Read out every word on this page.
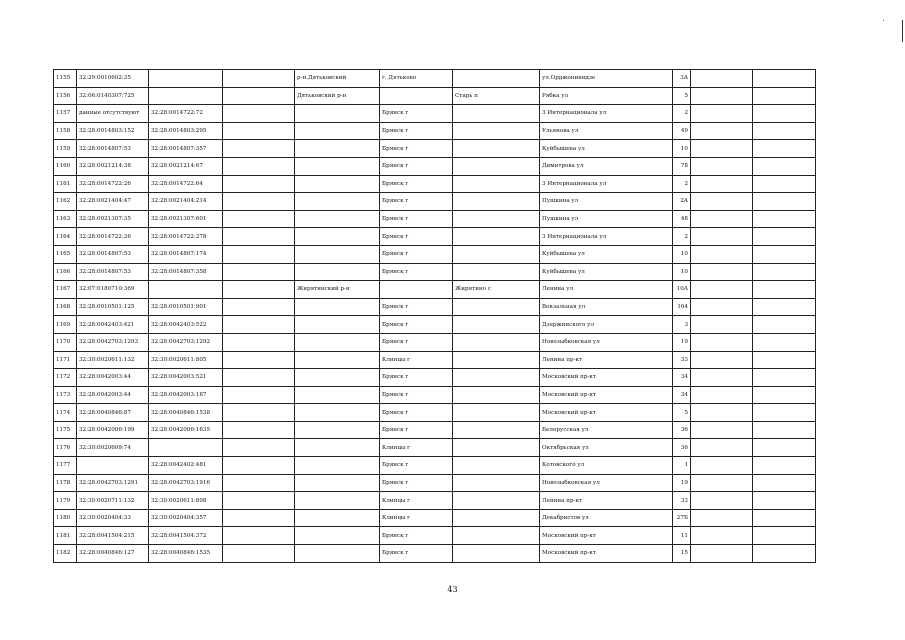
1155	32:29:0010602:35			р-н.Дятьковский	г. Дятьково		ул.Орджоникидзе	3А		
1156	32:06:0140307:725			Дятьковский р-н		Старь п	Рябка ул	5		
1157	данные отсутствуют	32:28:0014722:72			Брянск г		3 Интернационала ул	2		
1158	32:28:0014803:152	32:28:0014803:295			Брянск г		Ульянова ул	49		
1159	32:28:0014807:53	32:28:0014807:357			Брянск г		Куйбышева ул	10		
1160	32:28:0021214:38	32:28:0021214:67			Брянск г		Димитрова ул	78		
1161	32:28:0014722:26	32:28:0014722:64			Брянск г		3 Интернационала ул	2		
1162	32:28:0021404:47	32:28:0021404:214			Брянск г		Пушкина ул	2А		
1163	32:28:0021307:35	32:28:0021307:601			Брянск г		Пушкина ул	48		
1164	32:28:0014722:26	32:28:0014722:278			Брянск г		3 Интернационала ул	2		
1165	32:28:0014807:53	32:28:0014807:174			Брянск г		Куйбышева ул	10		
1166	32:28:0014807:53	32:28:0014807:358			Брянск г		Куйбышева ул	10		
1167	32:07:0180710:369			Жирятинский р-н		Жирятино с	Ленина ул	10А		
1168	32:28:0010501:125	32:28:0010501:901			Брянск г		Вокзальная ул	164		
1169	32:28:0042403:421	32:28:0042403:522			Брянск г		Дзержинского ул	3		
1170	32:28:0042703:1293	32:28:0042703:1292			Брянск г		Новозыбковская ул	19		
1171	32:30:0020611:132	32:30:0020611:805			Клинцы г		Ленина пр-кт	33		
1172	32:28:0042003:44	32:28:0042003:521			Брянск г		Московский пр-кт	34		
1173	32:28:0042003:44	32:28:0042003:187			Брянск г		Московский пр-кт	34		
1174	32:28:0040846:87	32:28:0040846:1538			Брянск г		Московский пр-кт	5		
1175	32:28:0042006:199	32:28:0042006:1635			Брянск г		Белорусская ул	36		
1176	32:30:0020609:74				Клинцы г		Октябрьская ул	36		
1177		32:28:0042402:481			Брянск г		Котовского ул	1		
1178	32:28:0042703:1291	32:28:0042703:1916			Брянск г		Новозыбковская ул	19		
1179	32:30:0020711:132	32:30:0020611:808			Клинцы г		Ленина пр-кт	33		
1180	32:30:0020404:33	32:30:0020404:357			Клинцы г		Декабристов ул	27Б		
1181	32:28:0041504:215	32:28:0041504:372			Брянск г		Московский пр-кт	11		
1182	32:28:0040846:127	32:28:0040846:1535			Брянск г		Московский пр-кт	15		
43
